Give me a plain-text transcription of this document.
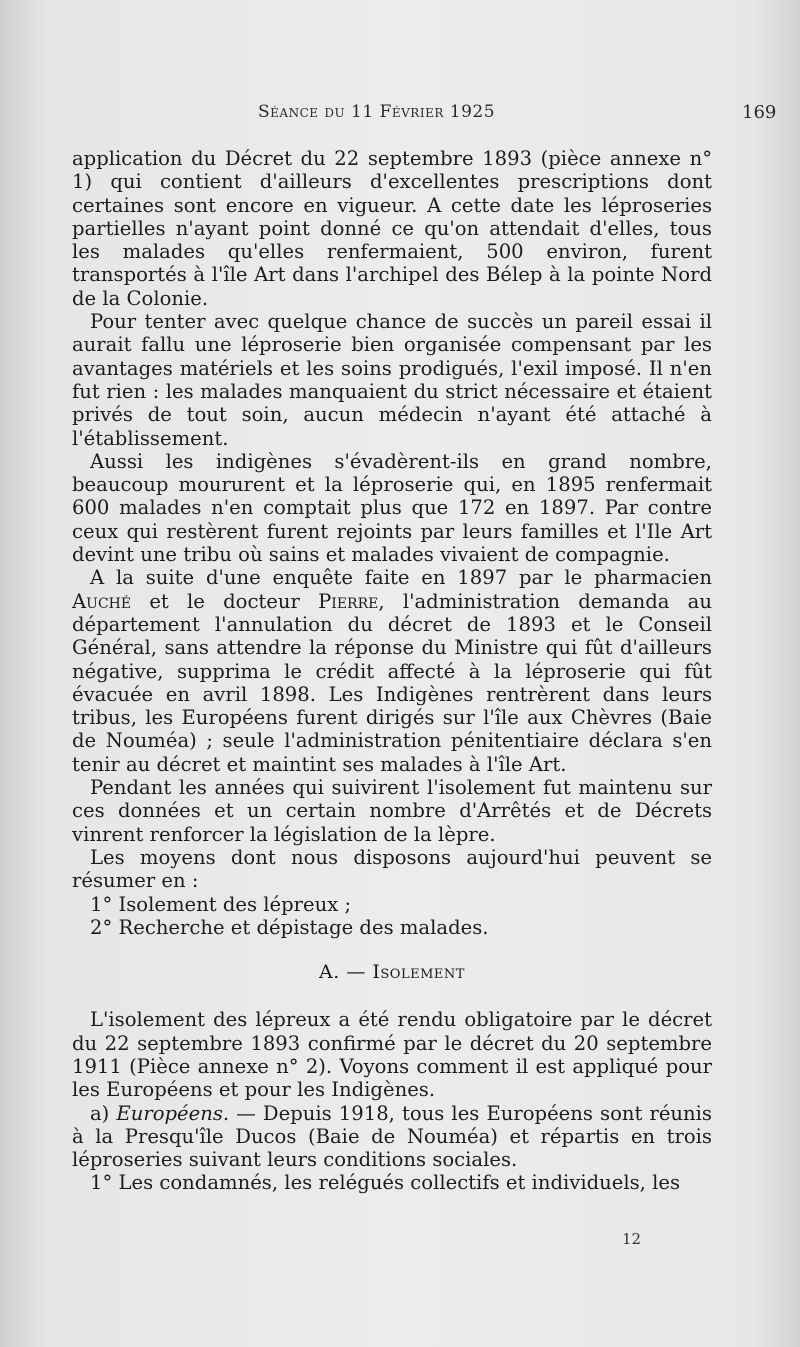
Séance du 11 Février 1925	169

application du Décret du 22 septembre 1893 (pièce annexe n° 1) qui contient d'ailleurs d'excellentes prescriptions dont certaines sont encore en vigueur. A cette date les léproseries partielles n'ayant point donné ce qu'on attendait d'elles, tous les malades qu'elles renfermaient, 500 environ, furent transportés à l'île Art dans l'archipel des Bélep à la pointe Nord de la Colonie.

Pour tenter avec quelque chance de succès un pareil essai il aurait fallu une léproserie bien organisée compensant par les avantages matériels et les soins prodigués, l'exil imposé. Il n'en fut rien : les malades manquaient du strict nécessaire et étaient privés de tout soin, aucun médecin n'ayant été attaché à l'établissement.

Aussi les indigènes s'évadèrent-ils en grand nombre, beaucoup moururent et la léproserie qui, en 1895 renfermait 600 malades n'en comptait plus que 172 en 1897. Par contre ceux qui restèrent furent rejoints par leurs familles et l'Ile Art devint une tribu où sains et malades vivaient de compagnie.

A la suite d'une enquête faite en 1897 par le pharmacien Auché et le docteur Pierre, l'administration demanda au département l'annulation du décret de 1893 et le Conseil Général, sans attendre la réponse du Ministre qui fût d'ailleurs négative, supprima le crédit affecté à la léproserie qui fût évacuée en avril 1898. Les Indigènes rentrèrent dans leurs tribus, les Européens furent dirigés sur l'île aux Chèvres (Baie de Nouméa) ; seule l'administration pénitentiaire déclara s'en tenir au décret et maintint ses malades à l'île Art.

Pendant les années qui suivirent l'isolement fut maintenu sur ces données et un certain nombre d'Arrêtés et de Décrets vinrent renforcer la législation de la lèpre.

Les moyens dont nous disposons aujourd'hui peuvent se résumer en :

1° Isolement des lépreux ;

2° Recherche et dépistage des malades.

A. — Isolement

L'isolement des lépreux a été rendu obligatoire par le décret du 22 septembre 1893 confirmé par le décret du 20 septembre 1911 (Pièce annexe n° 2). Voyons comment il est appliqué pour les Européens et pour les Indigènes.

a) Européens. — Depuis 1918, tous les Européens sont réunis à la Presqu'île Ducos (Baie de Nouméa) et répartis en trois léproseries suivant leurs conditions sociales.

1° Les condamnés, les relégués collectifs et individuels, les

12
